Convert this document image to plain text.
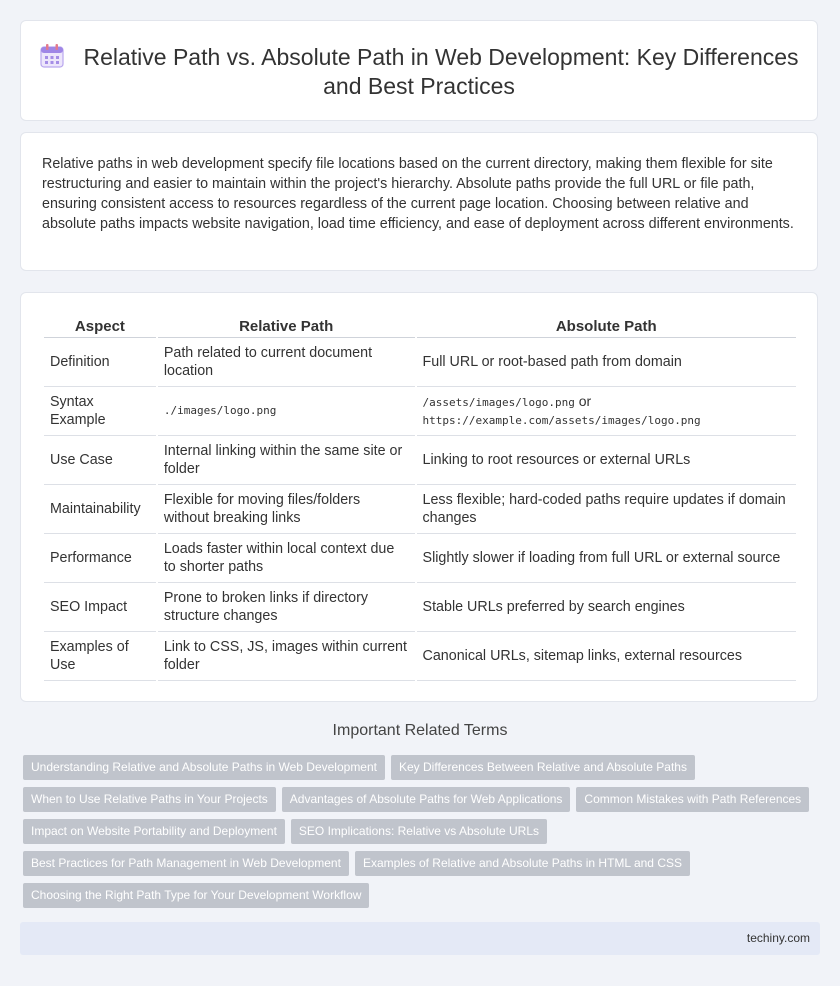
Relative Path vs. Absolute Path in Web Development: Key Differences and Best Practices

Relative paths in web development specify file locations based on the current directory, making them flexible for site restructuring and easier to maintain within the project's hierarchy. Absolute paths provide the full URL or file path, ensuring consistent access to resources regardless of the current page location. Choosing between relative and absolute paths impacts website navigation, load time efficiency, and ease of deployment across different environments.

Aspect	Relative Path	Absolute Path
Definition	Path related to current document location	Full URL or root-based path from domain
Syntax Example	./images/logo.png	/assets/images/logo.png or
https://example.com/assets/images/logo.png
Use Case	Internal linking within the same site or folder	Linking to root resources or external URLs
Maintainability	Flexible for moving files/folders without breaking links	Less flexible; hard-coded paths require updates if domain changes
Performance	Loads faster within local context due to shorter paths	Slightly slower if loading from full URL or external source
SEO Impact	Prone to broken links if directory structure changes	Stable URLs preferred by search engines
Examples of Use	Link to CSS, JS, images within current folder	Canonical URLs, sitemap links, external resources
Important Related Terms
Understanding Relative and Absolute Paths in Web Development	Key Differences Between Relative and Absolute Paths
When to Use Relative Paths in Your Projects	Advantages of Absolute Paths for Web Applications	Common Mistakes with Path References
Impact on Website Portability and Deployment	SEO Implications: Relative vs Absolute URLs
Best Practices for Path Management in Web Development	Examples of Relative and Absolute Paths in HTML and CSS
Choosing the Right Path Type for Your Development Workflow
techiny.com
